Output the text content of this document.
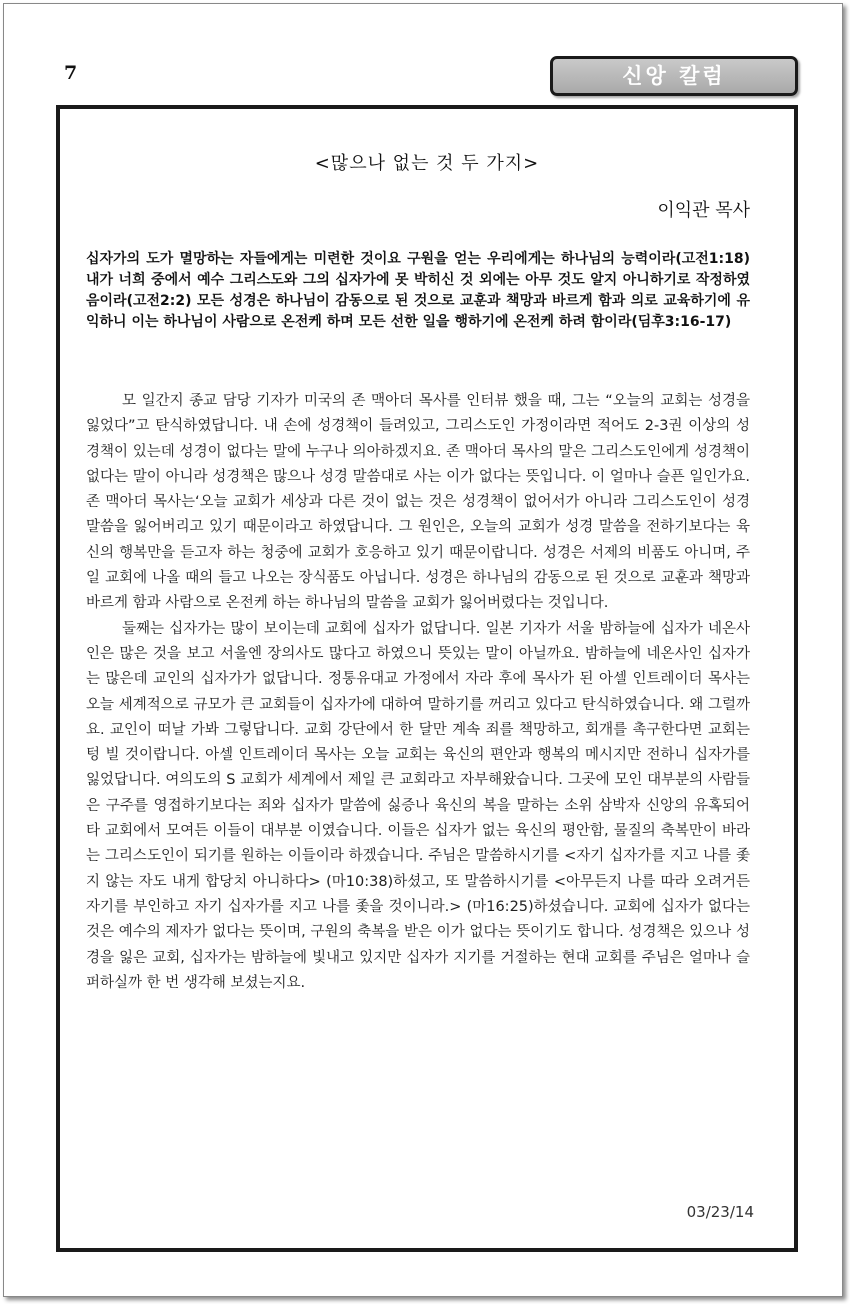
7	신앙 칼럼
<많으나 없는 것 두 가지>
이익관 목사
십자가의 도가 멸망하는 자들에게는 미련한 것이요 구원을 얻는 우리에게는 하나님의 능력이라(고전1:18) 내가 너희 중에서 예수 그리스도와 그의 십자가에 못 박히신 것 외에는 아무 것도 알지 아니하기로 작정하였음이라(고전2:2) 모든 성경은 하나님이 감동으로 된 것으로 교훈과 책망과 바르게 함과 의로 교육하기에 유익하니 이는 하나님이 사람으로 온전케 하며 모든 선한 일을 행하기에 온전케 하려 함이라(딤후3:16-17)

모 일간지 종교 담당 기자가 미국의 존 맥아더 목사를 인터뷰 했을 때, 그는 “오늘의 교회는 성경을 잃었다”고 탄식하였답니다. 내 손에 성경책이 들려있고, 그리스도인 가정이라면 적어도 2-3권 이상의 성경책이 있는데 성경이 없다는 말에 누구나 의아하겠지요. 존 맥아더 목사의 말은 그리스도인에게 성경책이 없다는 말이 아니라 성경책은 많으나 성경 말씀대로 사는 이가 없다는 뜻입니다. 이 얼마나 슬픈 일인가요. 존 맥아더 목사는‘오늘 교회가 세상과 다른 것이 없는 것은 성경책이 없어서가 아니라 그리스도인이 성경 말씀을 잃어버리고 있기 때문이라고 하였답니다. 그 원인은, 오늘의 교회가 성경 말씀을 전하기보다는 육신의 행복만을 듣고자 하는 청중에 교회가 호응하고 있기 때문이랍니다. 성경은 서제의 비품도 아니며, 주일 교회에 나올 때의 들고 나오는 장식품도 아닙니다. 성경은 하나님의 감동으로 된 것으로 교훈과 책망과 바르게 함과 사람으로 온전케 하는 하나님의 말씀을 교회가 잃어버렸다는 것입니다.

둘째는 십자가는 많이 보이는데 교회에 십자가 없답니다. 일본 기자가 서울 밤하늘에 십자가 네온사인은 많은 것을 보고 서울엔 장의사도 많다고 하였으니 뜻있는 말이 아닐까요. 밤하늘에 네온사인 십자가는 많은데 교인의 십자가가 없답니다. 정통유대교 가정에서 자라 후에 목사가 된 아셀 인트레이더 목사는 오늘 세계적으로 규모가 큰 교회들이 십자가에 대하여 말하기를 꺼리고 있다고 탄식하였습니다. 왜 그럴까요. 교인이 떠날 가봐 그렇답니다. 교회 강단에서 한 달만 계속 죄를 책망하고, 회개를 촉구한다면 교회는 텅 빌 것이랍니다. 아셀 인트레이더 목사는 오늘 교회는 육신의 편안과 행복의 메시지만 전하니 십자가를 잃었답니다. 여의도의 S 교회가 세계에서 제일 큰 교회라고 자부해왔습니다. 그곳에 모인 대부분의 사람들은 구주를 영접하기보다는 죄와 십자가 말씀에 싫증나 육신의 복을 말하는 소위 삼박자 신앙의 유혹되어 타 교회에서 모여든 이들이 대부분 이였습니다. 이들은 십자가 없는 육신의 평안함, 물질의 축복만이 바라는 그리스도인이 되기를 원하는 이들이라 하겠습니다. 주님은 말씀하시기를 <자기 십자가를 지고 나를 좇지 않는 자도 내게 합당치 아니하다> (마10:38)하셨고, 또 말씀하시기를 <아무든지 나를 따라 오려거든 자기를 부인하고 자기 십자가를 지고 나를 좇을 것이니라.> (마16:25)하셨습니다. 교회에 십자가 없다는 것은 예수의 제자가 없다는 뜻이며, 구원의 축복을 받은 이가 없다는 뜻이기도 합니다. 성경책은 있으나 성경을 잃은 교회, 십자가는 밤하늘에 빛내고 있지만 십자가 지기를 거절하는 현대 교회를 주님은 얼마나 슬퍼하실까 한 번 생각해 보셨는지요.

03/23/14
